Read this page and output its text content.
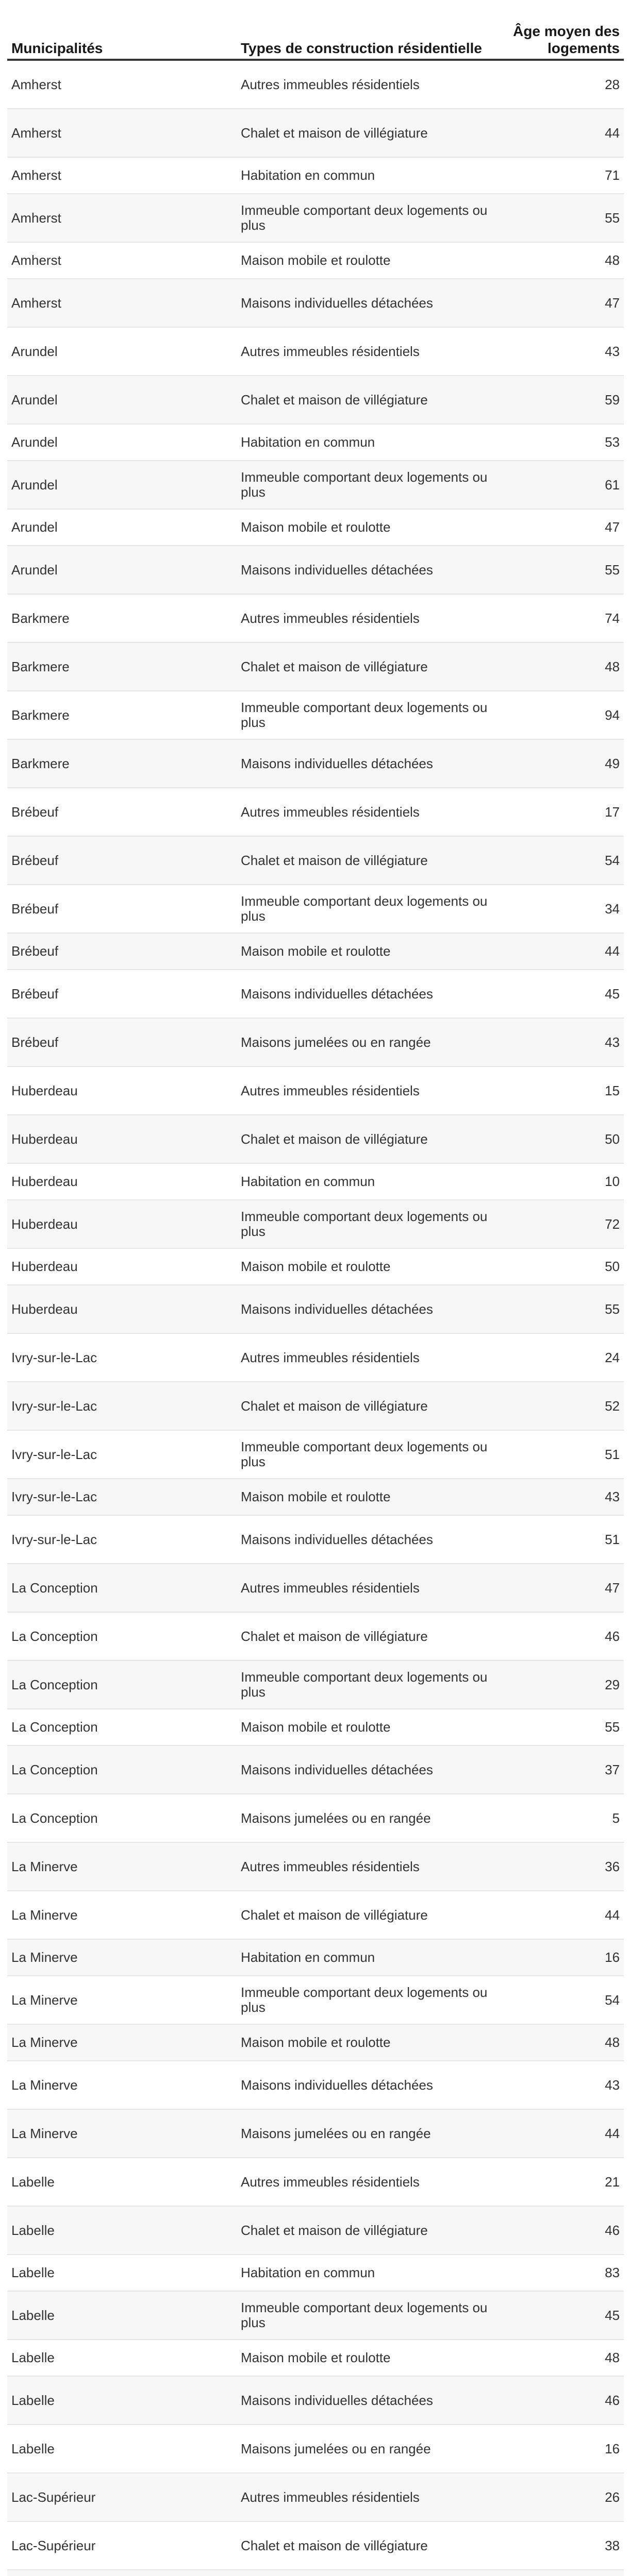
Municipalités	Types de construction résidentielle	Âge moyen des logements
Amherst	Autres immeubles résidentiels	28
Amherst	Chalet et maison de villégiature	44
Amherst	Habitation en commun	71
Amherst	Immeuble comportant deux logements ou plus	55
Amherst	Maison mobile et roulotte	48
Amherst	Maisons individuelles détachées	47
Arundel	Autres immeubles résidentiels	43
Arundel	Chalet et maison de villégiature	59
Arundel	Habitation en commun	53
Arundel	Immeuble comportant deux logements ou plus	61
Arundel	Maison mobile et roulotte	47
Arundel	Maisons individuelles détachées	55
Barkmere	Autres immeubles résidentiels	74
Barkmere	Chalet et maison de villégiature	48
Barkmere	Immeuble comportant deux logements ou plus	94
Barkmere	Maisons individuelles détachées	49
Brébeuf	Autres immeubles résidentiels	17
Brébeuf	Chalet et maison de villégiature	54
Brébeuf	Immeuble comportant deux logements ou plus	34
Brébeuf	Maison mobile et roulotte	44
Brébeuf	Maisons individuelles détachées	45
Brébeuf	Maisons jumelées ou en rangée	43
Huberdeau	Autres immeubles résidentiels	15
Huberdeau	Chalet et maison de villégiature	50
Huberdeau	Habitation en commun	10
Huberdeau	Immeuble comportant deux logements ou plus	72
Huberdeau	Maison mobile et roulotte	50
Huberdeau	Maisons individuelles détachées	55
Ivry-sur-le-Lac	Autres immeubles résidentiels	24
Ivry-sur-le-Lac	Chalet et maison de villégiature	52
Ivry-sur-le-Lac	Immeuble comportant deux logements ou plus	51
Ivry-sur-le-Lac	Maison mobile et roulotte	43
Ivry-sur-le-Lac	Maisons individuelles détachées	51
La Conception	Autres immeubles résidentiels	47
La Conception	Chalet et maison de villégiature	46
La Conception	Immeuble comportant deux logements ou plus	29
La Conception	Maison mobile et roulotte	55
La Conception	Maisons individuelles détachées	37
La Conception	Maisons jumelées ou en rangée	5
La Minerve	Autres immeubles résidentiels	36
La Minerve	Chalet et maison de villégiature	44
La Minerve	Habitation en commun	16
La Minerve	Immeuble comportant deux logements ou plus	54
La Minerve	Maison mobile et roulotte	48
La Minerve	Maisons individuelles détachées	43
La Minerve	Maisons jumelées ou en rangée	44
Labelle	Autres immeubles résidentiels	21
Labelle	Chalet et maison de villégiature	46
Labelle	Habitation en commun	83
Labelle	Immeuble comportant deux logements ou plus	45
Labelle	Maison mobile et roulotte	48
Labelle	Maisons individuelles détachées	46
Labelle	Maisons jumelées ou en rangée	16
Lac-Supérieur	Autres immeubles résidentiels	26
Lac-Supérieur	Chalet et maison de villégiature	38
